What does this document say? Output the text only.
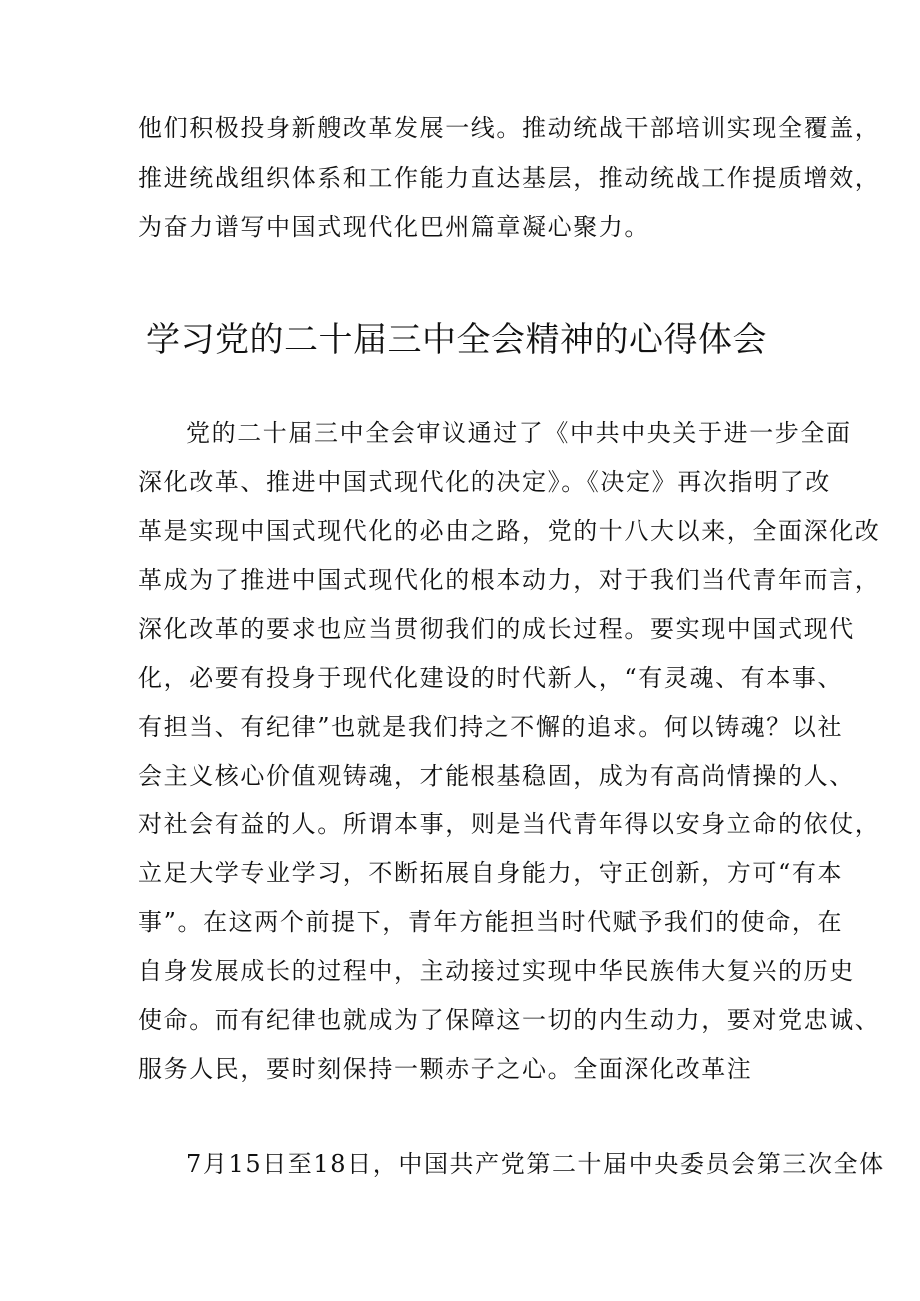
他们积极投身新艘改革发展一线。推动统战干部培训实现全覆盖，
推进统战组织体系和工作能力直达基层，推动统战工作提质增效，
为奋力谱写中国式现代化巴州篇章凝心聚力。
学习党的二十届三中全会精神的心得体会
党的二十届三中全会审议通过了《中共中央关于进一步全面
深化改革、推进中国式现代化的决定》。《决定》再次指明了改
革是实现中国式现代化的必由之路，党的十八大以来，全面深化改
革成为了推进中国式现代化的根本动力，对于我们当代青年而言，
深化改革的要求也应当贯彻我们的成长过程。要实现中国式现代
化，必要有投身于现代化建设的时代新人，“有灵魂、有本事、
有担当、有纪律”也就是我们持之不懈的追求。何以铸魂？以社
会主义核心价值观铸魂，才能根基稳固，成为有高尚情操的人、
对社会有益的人。所谓本事，则是当代青年得以安身立命的依仗，
立足大学专业学习，不断拓展自身能力，守正创新，方可“有本
事”。在这两个前提下，青年方能担当时代赋予我们的使命，在
自身发展成长的过程中，主动接过实现中华民族伟大复兴的历史
使命。而有纪律也就成为了保障这一切的内生动力，要对党忠诚、
服务人民，要时刻保持一颗赤子之心。全面深化改革注
7月15日至18日，中国共产党第二十届中央委员会第三次全体
